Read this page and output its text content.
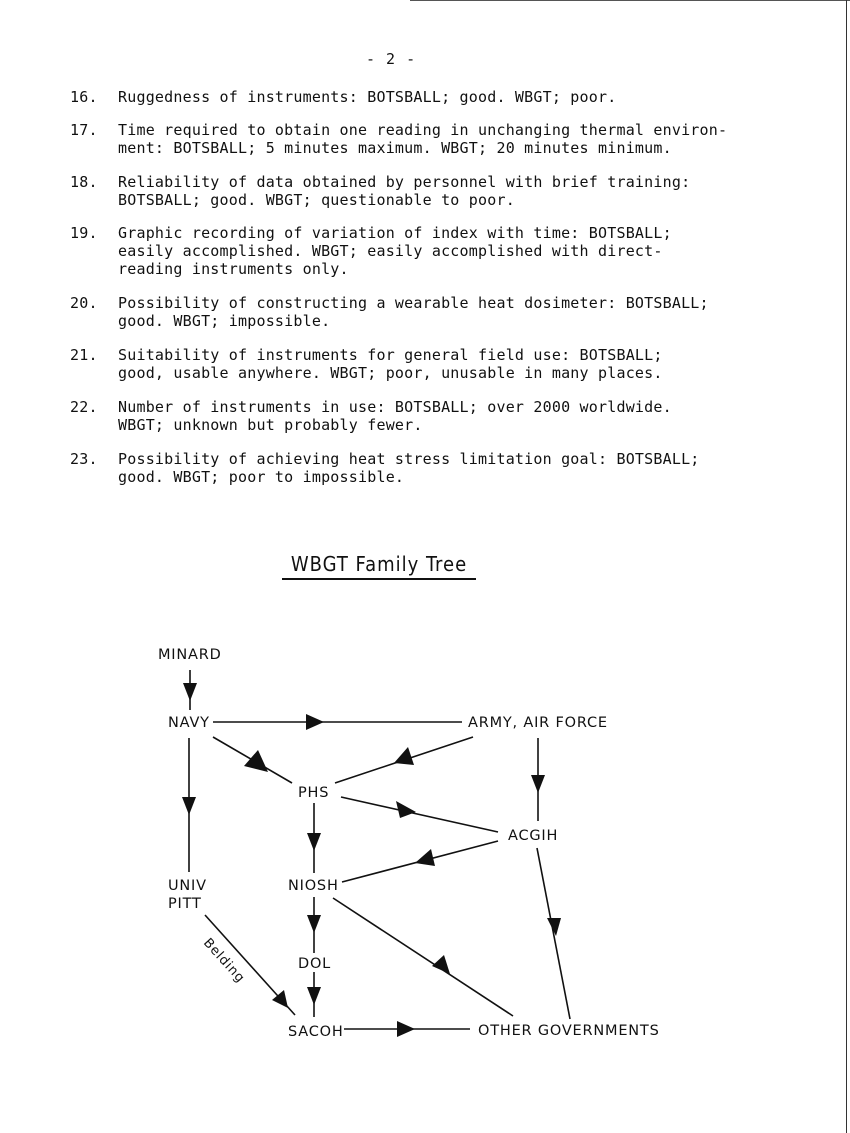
- 2 -
16.	Ruggedness of instruments: BOTSBALL; good. WBGT; poor.
17.	Time required to obtain one reading in unchanging thermal environ-
ment: BOTSBALL; 5 minutes maximum. WBGT; 20 minutes minimum.
18.	Reliability of data obtained by personnel with brief training:
BOTSBALL; good. WBGT; questionable to poor.
19.	Graphic recording of variation of index with time: BOTSBALL;
easily accomplished. WBGT; easily accomplished with direct-
reading instruments only.
20.	Possibility of constructing a wearable heat dosimeter: BOTSBALL;
good. WBGT; impossible.
21.	Suitability of instruments for general field use: BOTSBALL;
good, usable anywhere. WBGT; poor, unusable in many places.
22.	Number of instruments in use: BOTSBALL; over 2000 worldwide.
WBGT; unknown but probably fewer.
23.	Possibility of achieving heat stress limitation goal: BOTSBALL;
good. WBGT; poor to impossible.
WBGT Family Tree
MINARD
NAVY	ARMY, AIR FORCE
PHS
ACGIH
NIOSH
UNIV
PITT
DOL
SACOH	OTHER GOVERNMENTS
Belding
